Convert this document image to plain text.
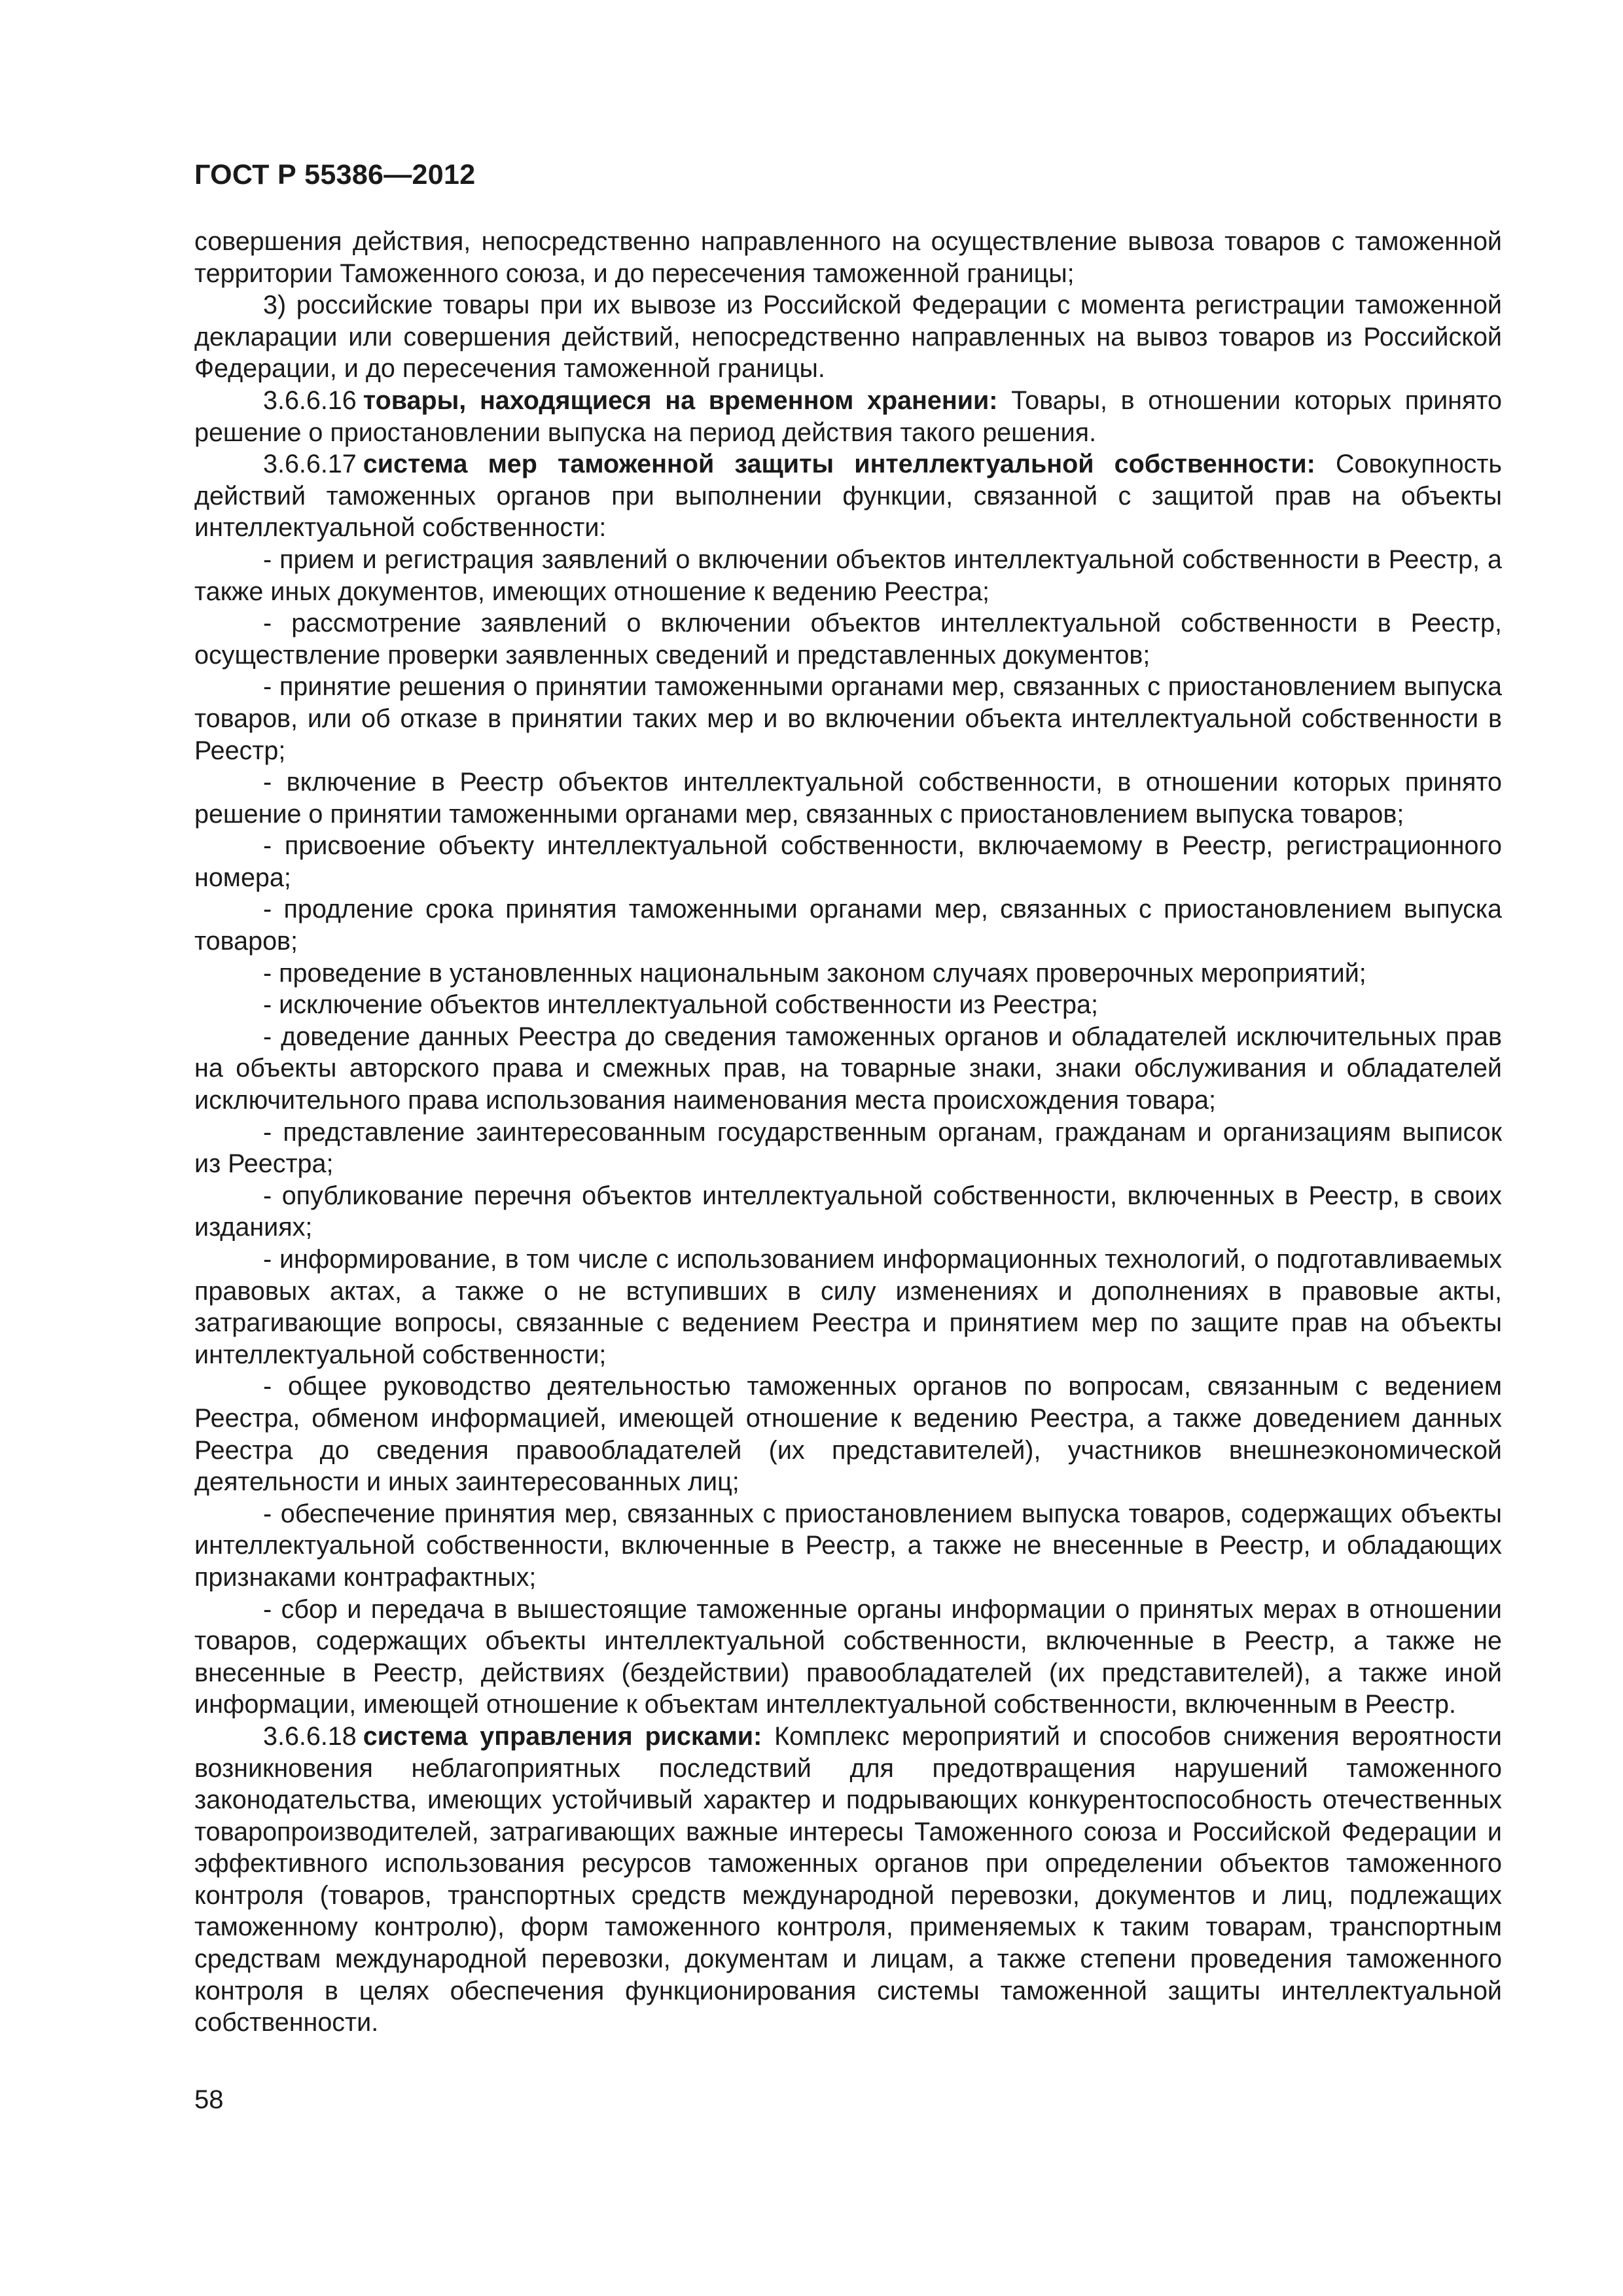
ГОСТ Р 55386—2012

совершения действия, непосредственно направленного на осуществление вывоза товаров с таможенной территории Таможенного союза, и до пересечения таможенной границы;

3) российские товары при их вывозе из Российской Федерации с момента регистрации таможенной декларации или совершения действий, непосредственно направленных на вывоз товаров из Российской Федерации, и до пересечения таможенной границы.

3.6.6.16 товары, находящиеся на временном хранении: Товары, в отношении которых принято решение о приостановлении выпуска на период действия такого решения.

3.6.6.17 система мер таможенной защиты интеллектуальной собственности: Совокупность действий таможенных органов при выполнении функции, связанной с защитой прав на объекты интеллектуальной собственности:

- прием и регистрация заявлений о включении объектов интеллектуальной собственности в Реестр, а также иных документов, имеющих отношение к ведению Реестра;

- рассмотрение заявлений о включении объектов интеллектуальной собственности в Реестр, осуществление проверки заявленных сведений и представленных документов;

- принятие решения о принятии таможенными органами мер, связанных с приостановлением выпуска товаров, или об отказе в принятии таких мер и во включении объекта интеллектуальной собственности в Реестр;

- включение в Реестр объектов интеллектуальной собственности, в отношении которых принято решение о принятии таможенными органами мер, связанных с приостановлением выпуска товаров;

- присвоение объекту интеллектуальной собственности, включаемому в Реестр, регистрационного номера;

- продление срока принятия таможенными органами мер, связанных с приостановлением выпуска товаров;

- проведение в установленных национальным законом случаях проверочных мероприятий;

- исключение объектов интеллектуальной собственности из Реестра;

- доведение данных Реестра до сведения таможенных органов и обладателей исключительных прав на объекты авторского права и смежных прав, на товарные знаки, знаки обслуживания и обладателей исключительного права использования наименования места происхождения товара;

- представление заинтересованным государственным органам, гражданам и организациям выписок из Реестра;

- опубликование перечня объектов интеллектуальной собственности, включенных в Реестр, в своих изданиях;

- информирование, в том числе с использованием информационных технологий, о подготавливаемых правовых актах, а также о не вступивших в силу изменениях и дополнениях в правовые акты, затрагивающие вопросы, связанные с ведением Реестра и принятием мер по защите прав на объекты интеллектуальной собственности;

- общее руководство деятельностью таможенных органов по вопросам, связанным с ведением Реестра, обменом информацией, имеющей отношение к ведению Реестра, а также доведением данных Реестра до сведения правообладателей (их представителей), участников внешнеэкономической деятельности и иных заинтересованных лиц;

- обеспечение принятия мер, связанных с приостановлением выпуска товаров, содержащих объекты интеллектуальной собственности, включенные в Реестр, а также не внесенные в Реестр, и обладающих признаками контрафактных;

- сбор и передача в вышестоящие таможенные органы информации о принятых мерах в отношении товаров, содержащих объекты интеллектуальной собственности, включенные в Реестр, а также не внесенные в Реестр, действиях (бездействии) правообладателей (их представителей), а также иной информации, имеющей отношение к объектам интеллектуальной собственности, включенным в Реестр.

3.6.6.18 система управления рисками: Комплекс мероприятий и способов снижения вероятности возникновения неблагоприятных последствий для предотвращения нарушений таможенного законодательства, имеющих устойчивый характер и подрывающих конкурентоспособность отечественных товаропроизводителей, затрагивающих важные интересы Таможенного союза и Российской Федерации и эффективного использования ресурсов таможенных органов при определении объектов таможенного контроля (товаров, транспортных средств международной перевозки, документов и лиц, подлежащих таможенному контролю), форм таможенного контроля, применяемых к таким товарам, транспортным средствам международной перевозки, документам и лицам, а также степени проведения таможенного контроля в целях обеспечения функционирования системы таможенной защиты интеллектуальной собственности.

58
